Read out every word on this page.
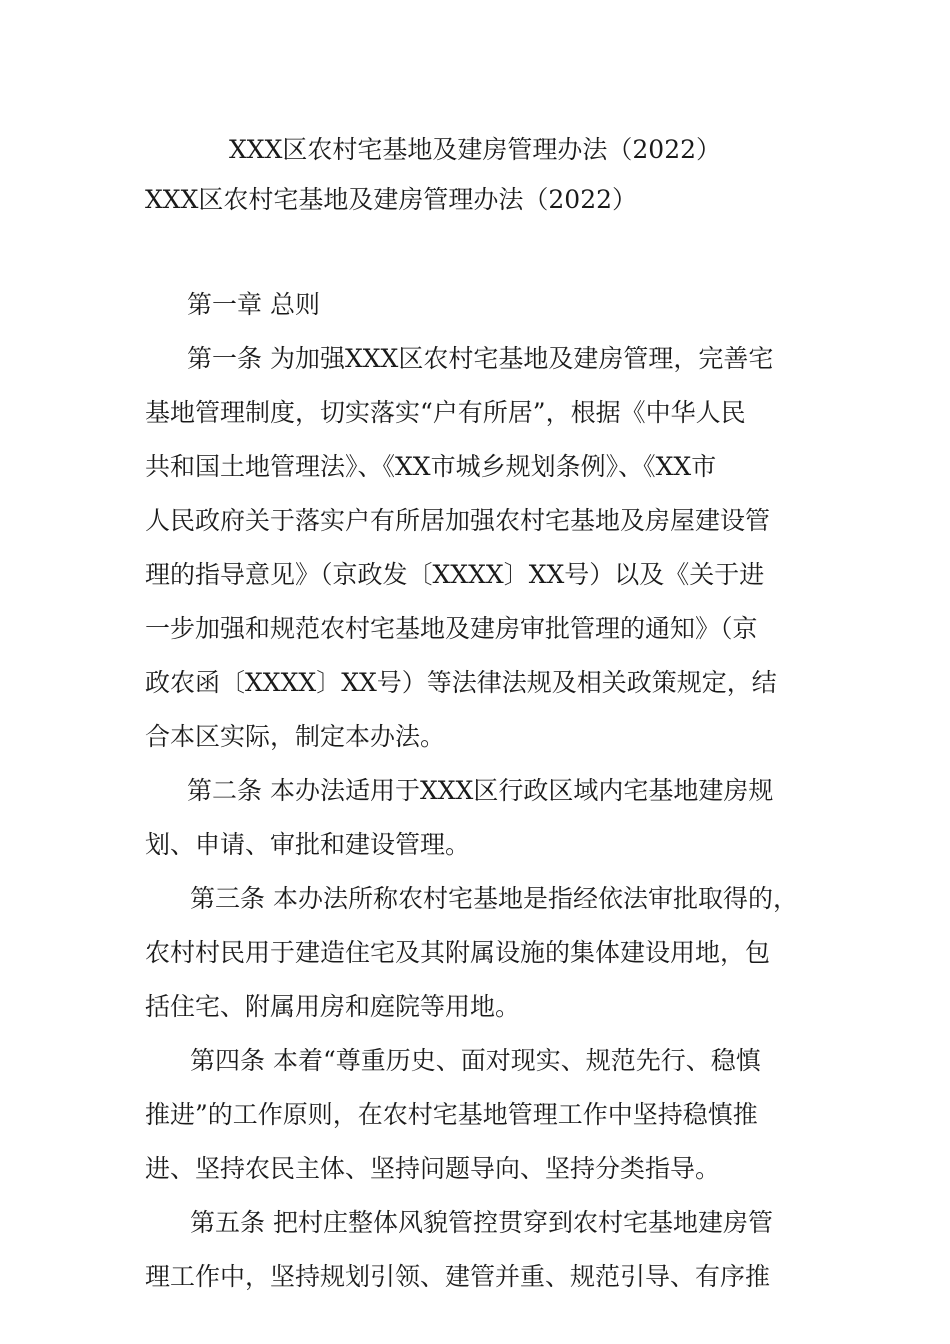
XXX区农村宅基地及建房管理办法（2022）
XXX区农村宅基地及建房管理办法（2022）
第一章 总则
第一条 为加强XXX区农村宅基地及建房管理，完善宅
基地管理制度，切实落实“户有所居”，根据《中华人民
共和国土地管理法》、《XX市城乡规划条例》、《XX市
人民政府关于落实户有所居加强农村宅基地及房屋建设管
理的指导意见》（京政发〔XXXX〕XX号）以及《关于进
一步加强和规范农村宅基地及建房审批管理的通知》（京
政农函〔XXXX〕XX号）等法律法规及相关政策规定，结
合本区实际，制定本办法。
第二条 本办法适用于XXX区行政区域内宅基地建房规
划、申请、审批和建设管理。
第三条 本办法所称农村宅基地是指经依法审批取得的，
农村村民用于建造住宅及其附属设施的集体建设用地，包
括住宅、附属用房和庭院等用地。
第四条 本着“尊重历史、面对现实、规范先行、稳慎
推进”的工作原则，在农村宅基地管理工作中坚持稳慎推
进、坚持农民主体、坚持问题导向、坚持分类指导。
第五条 把村庄整体风貌管控贯穿到农村宅基地建房管
理工作中，坚持规划引领、建管并重、规范引导、有序推
